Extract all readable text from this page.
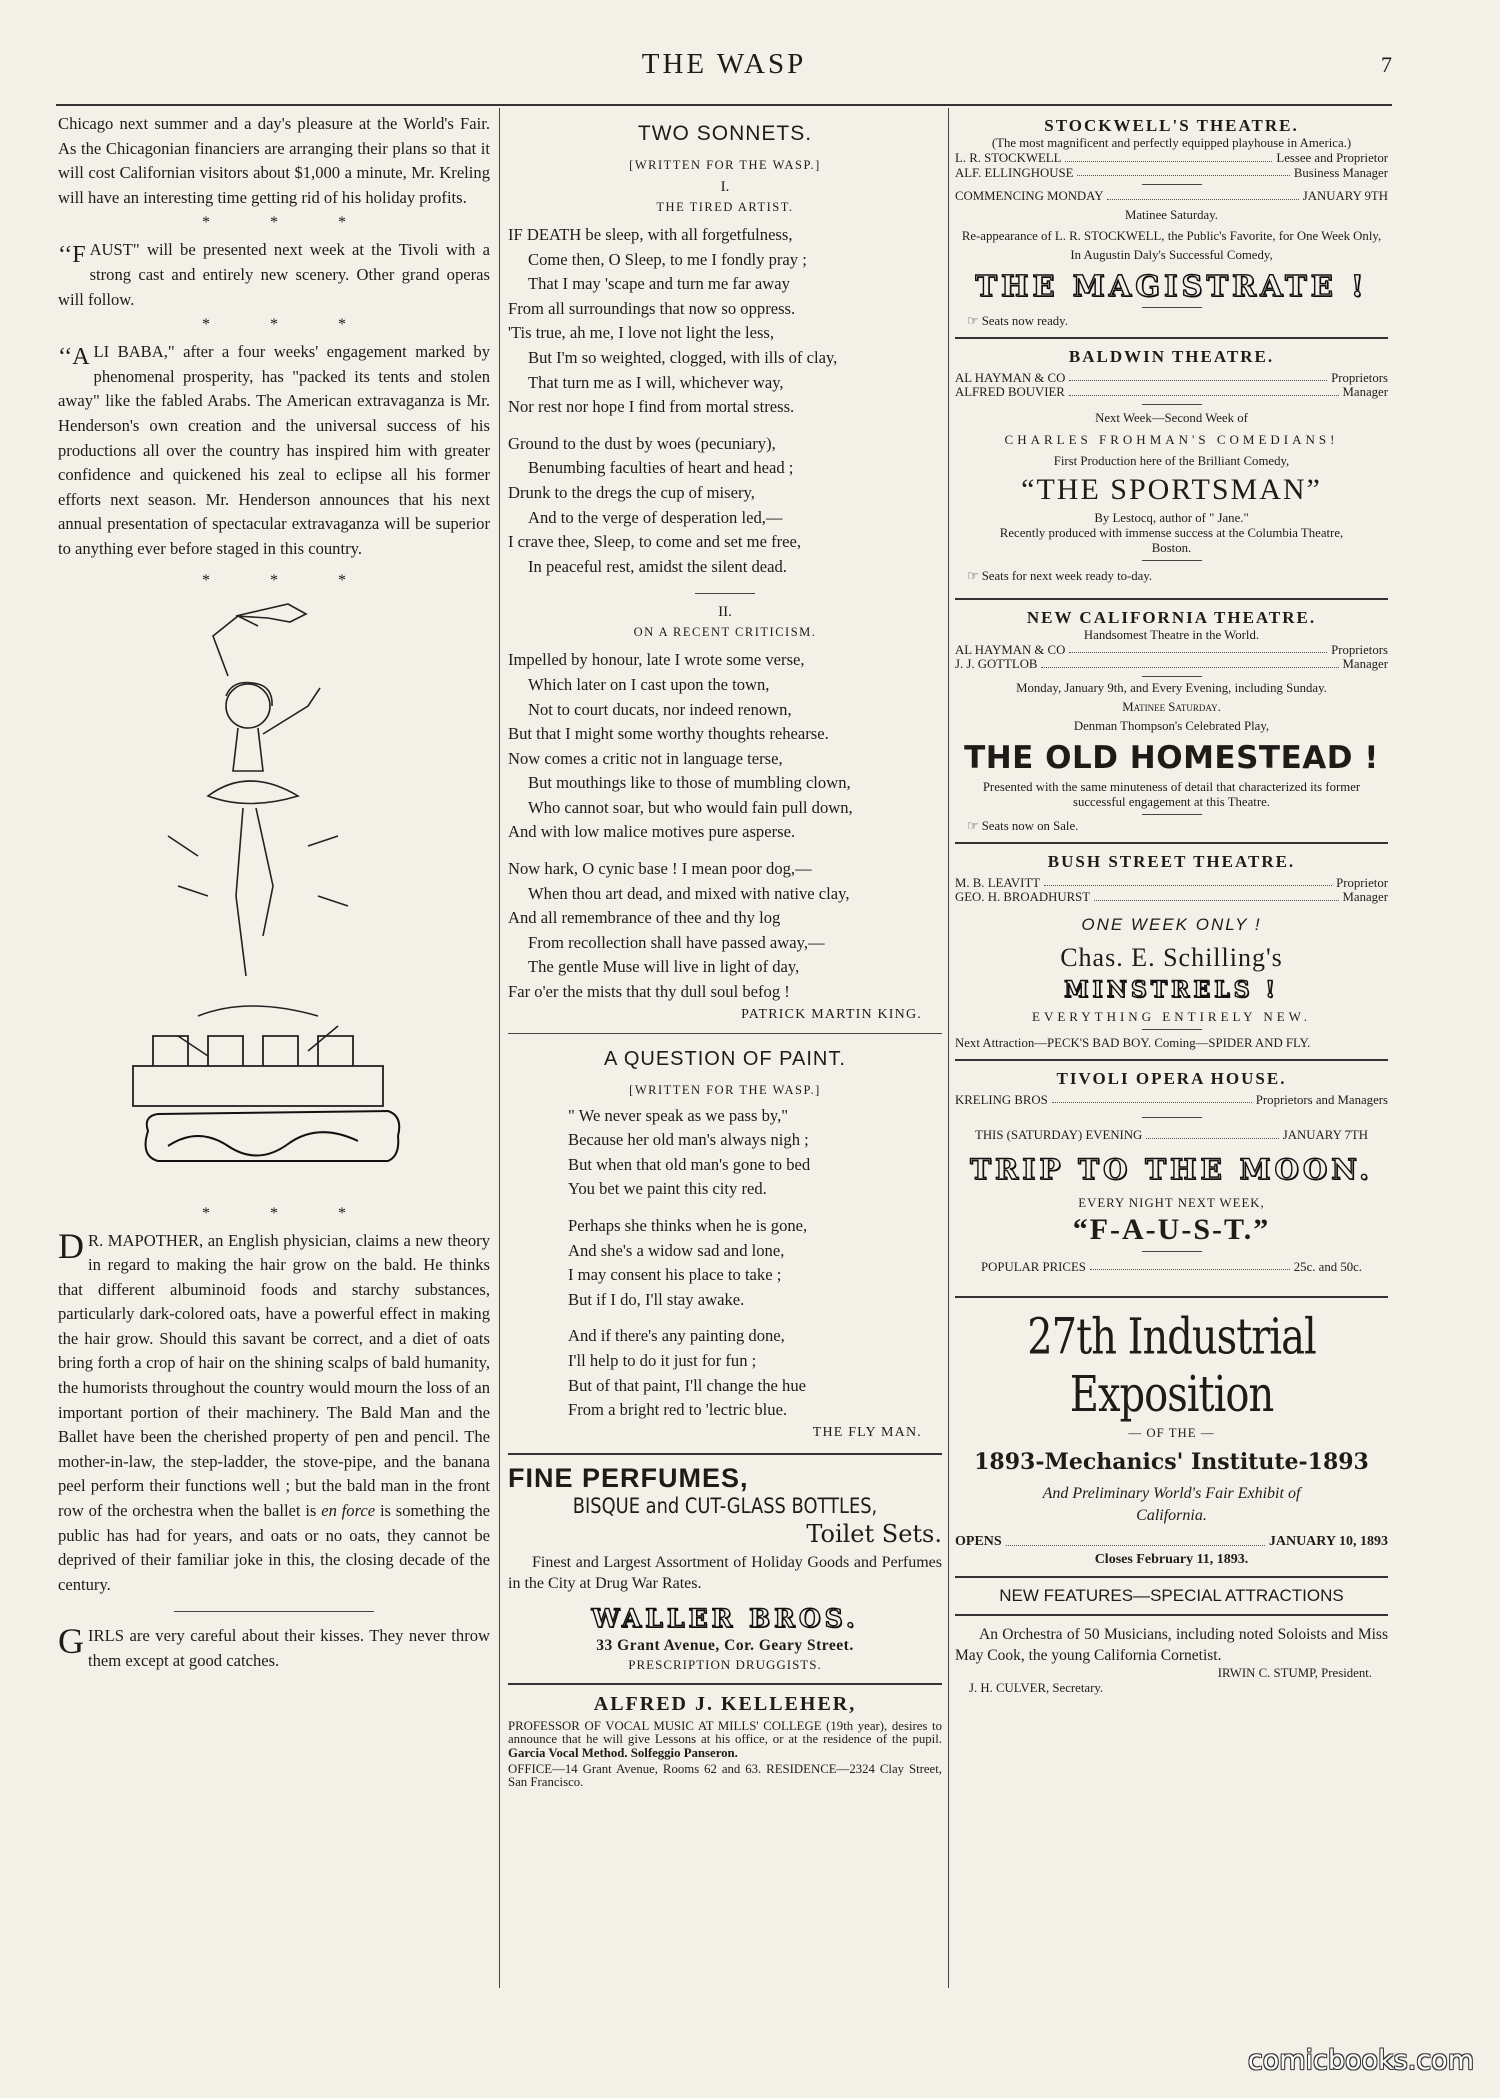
THE WASP	7

Chicago next summer and a day's pleasure at the World's Fair. As the Chicagonian financiers are arranging their plans so that it will cost Californian visitors about $1,000 a minute, Mr. Kreling will have an interesting time getting rid of his holiday profits.

* * *

‘‘F AUST" will be presented next week at the Tivoli with a strong cast and entirely new scenery. Other grand operas will follow.

* * *

‘‘A LI BABA," after a four weeks' engagement marked by phenomenal prosperity, has "packed its tents and stolen away" like the fabled Arabs. The American extravaganza is Mr. Henderson's own creation and the universal success of his productions all over the country has inspired him with greater confidence and quickened his zeal to eclipse all his former efforts next season. Mr. Henderson announces that his next annual presentation of spectacular extravaganza will be superior to anything ever before staged in this country.

* * *
* * *

D R. MAPOTHER, an English physician, claims a new theory in regard to making the hair grow on the bald. He thinks that different albuminoid foods and starchy substances, particularly dark-colored oats, have a powerful effect in making the hair grow. Should this savant be correct, and a diet of oats bring forth a crop of hair on the shining scalps of bald humanity, the humorists throughout the country would mourn the loss of an important portion of their machinery. The Bald Man and the Ballet have been the cherished property of pen and pencil. The mother-in-law, the step-ladder, the stove-pipe, and the banana peel perform their functions well ; but the bald man in the front row of the orchestra when the ballet is en force is something the public has had for years, and oats or no oats, they cannot be deprived of their familiar joke in this, the closing decade of the century.

GIRLS are very careful about their kisses. They never throw them except at good catches.

TWO SONNETS.
[WRITTEN FOR THE WASP.]
I.
THE TIRED ARTIST.
IF DEATH be sleep, with all forgetfulness,
Come then, O Sleep, to me I fondly pray ;
That I may 'scape and turn me far away
From all surroundings that now so oppress.
'Tis true, ah me, I love not light the less,
But I'm so weighted, clogged, with ills of clay,
That turn me as I will, whichever way,
Nor rest nor hope I find from mortal stress.
Ground to the dust by woes (pecuniary),
Benumbing faculties of heart and head ;
Drunk to the dregs the cup of misery,
And to the verge of desperation led,—
I crave thee, Sleep, to come and set me free,
In peaceful rest, amidst the silent dead.
II.
ON A RECENT CRITICISM.
Impelled by honour, late I wrote some verse,
Which later on I cast upon the town,
Not to court ducats, nor indeed renown,
But that I might some worthy thoughts rehearse.
Now comes a critic not in language terse,
But mouthings like to those of mumbling clown,
Who cannot soar, but who would fain pull down,
And with low malice motives pure asperse.
Now hark, O cynic base ! I mean poor dog,—
When thou art dead, and mixed with native clay,
And all remembrance of thee and thy log
From recollection shall have passed away,—
The gentle Muse will live in light of day,
Far o'er the mists that thy dull soul befog !
PATRICK MARTIN KING.
A QUESTION OF PAINT.
[WRITTEN FOR THE WASP.]
" We never speak as we pass by,"
Because her old man's always nigh ;
But when that old man's gone to bed
You bet we paint this city red.
Perhaps she thinks when he is gone,
And she's a widow sad and lone,
I may consent his place to take ;
But if I do, I'll stay awake.
And if there's any painting done,
I'll help to do it just for fun ;
But of that paint, I'll change the hue
From a bright red to 'lectric blue.
THE FLY MAN.
FINE PERFUMES,
BISQUE and CUT-GLASS BOTTLES,
Toilet Sets.

Finest and Largest Assortment of Holiday Goods and Perfumes in the City at Drug War Rates.

WALLER BROS.
33 Grant Avenue, Cor. Geary Street.
PRESCRIPTION DRUGGISTS.
ALFRED J. KELLEHER,

PROFESSOR OF VOCAL MUSIC AT MILLS' COLLEGE (19th year), desires to announce that he will give Lessons at his office, or at the residence of the pupil. Garcia Vocal Method. Solfeggio Panseron.

OFFICE—14 Grant Avenue, Rooms 62 and 63. RESIDENCE—2324 Clay Street, San Francisco.

STOCKWELL'S THEATRE.
(The most magnificent and perfectly equipped playhouse in America.)
L. R. STOCKWELL	Lessee and Proprietor
ALF. ELLINGHOUSE	Business Manager
COMMENCING MONDAY	JANUARY 9TH
Matinee Saturday.
Re-appearance of L. R. STOCKWELL, the Public's Favorite, for One Week Only,
In Augustin Daly's Successful Comedy,
THE MAGISTRATE !
☞ Seats now ready.
BALDWIN THEATRE.
AL HAYMAN & CO	Proprietors
ALFRED BOUVIER	Manager
Next Week—Second Week of
CHARLES FROHMAN'S COMEDIANS!
First Production here of the Brilliant Comedy,
“THE SPORTSMAN”
By Lestocq, author of " Jane."
Recently produced with immense success at the Columbia Theatre, Boston.
☞ Seats for next week ready to-day.
NEW CALIFORNIA THEATRE.
Handsomest Theatre in the World.
AL HAYMAN & CO	Proprietors
J. J. GOTTLOB	Manager
Monday, January 9th, and Every Evening, including Sunday.
Matinee Saturday.
Denman Thompson's Celebrated Play,
THE OLD HOMESTEAD !
Presented with the same minuteness of detail that characterized its former successful engagement at this Theatre.
☞ Seats now on Sale.
BUSH STREET THEATRE.
M. B. LEAVITT	Proprietor
GEO. H. BROADHURST	Manager
ONE WEEK ONLY !
Chas. E. Schilling's
MINSTRELS !
EVERYTHING ENTIRELY NEW.
Next Attraction—PECK'S BAD BOY. Coming—SPIDER AND FLY.
TIVOLI OPERA HOUSE.
KRELING BROS	Proprietors and Managers
THIS (SATURDAY) EVENING	JANUARY 7TH
TRIP TO THE MOON.
EVERY NIGHT NEXT WEEK,
“F-A-U-S-T.”
POPULAR PRICES	25c. and 50c.
27th Industrial Exposition
— OF THE —
1893-Mechanics' Institute-1893
And Preliminary World's Fair Exhibit of California.
OPENS	JANUARY 10, 1893
Closes February 11, 1893.
NEW FEATURES—SPECIAL ATTRACTIONS

An Orchestra of 50 Musicians, including noted Soloists and Miss May Cook, the young California Cornetist.

IRWIN C. STUMP, President.
J. H. CULVER, Secretary.
comicbooks.com
